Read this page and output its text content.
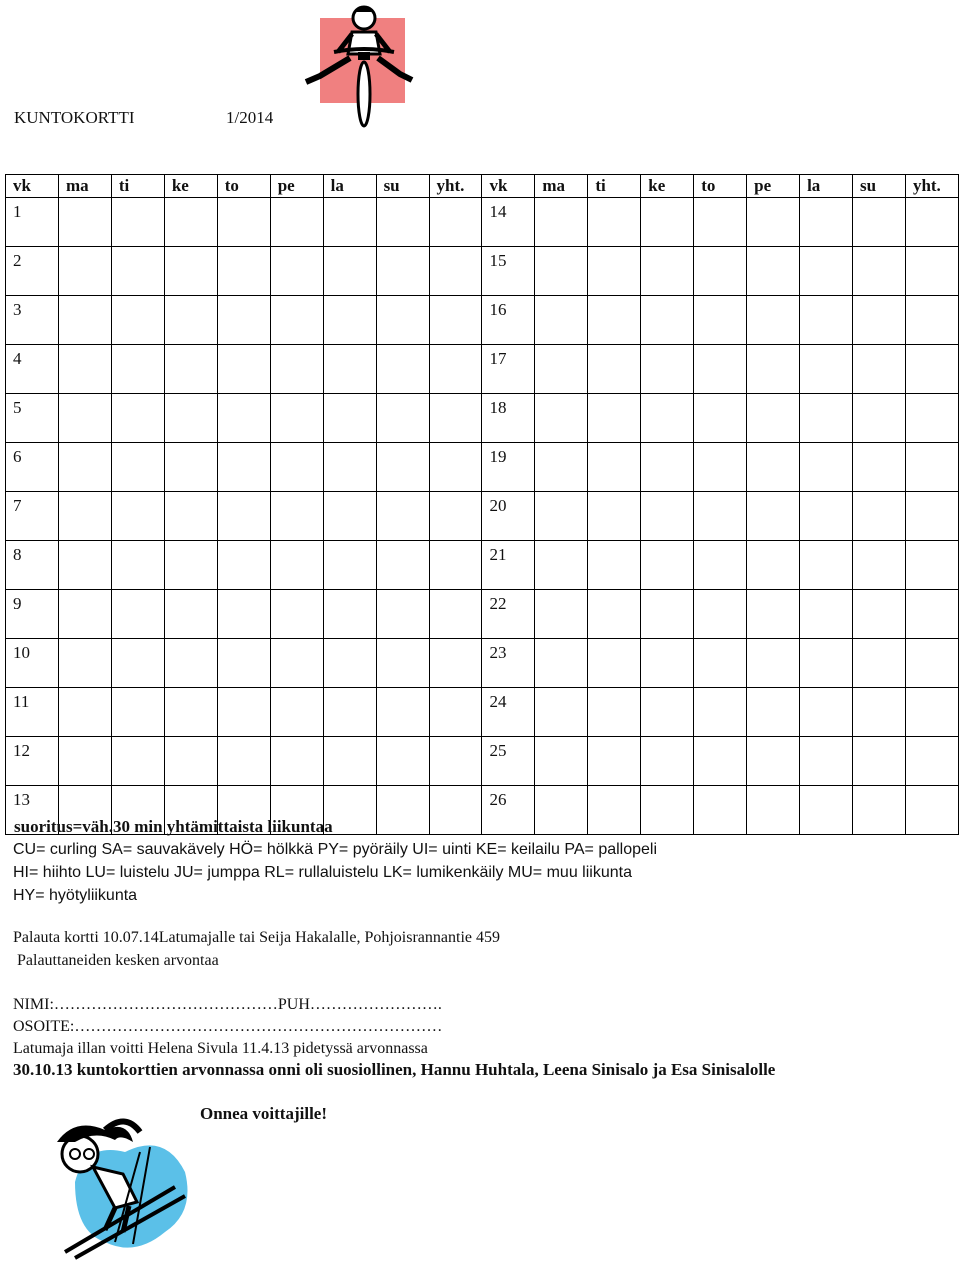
KUNTOKORTTI	1/2014
vk	ma	ti	ke	to	pe	la	su	yht.	vk	ma	ti	ke	to	pe	la	su	yht.
1									14								
2									15								
3									16								
4									17								
5									18								
6									19								
7									20								
8									21								
9									22								
10									23								
11									24								
12									25								
13									26								
suoritus=väh.30 min yhtämittaista liikuntaa
CU= curling SA= sauvakävely HÖ= hölkkä PY= pyöräily UI= uinti KE= keilailu PA= pallopeli
HI= hiihto LU= luistelu JU= jumppa RL= rullaluistelu LK= lumikenkäily MU= muu liikunta
HY= hyötyliikunta
Palauta kortti 10.07.14Latumajalle tai Seija Hakalalle, Pohjoisrannantie 459
Palauttaneiden kesken arvontaa
NIMI:……………………………………PUH…………………….
OSOITE:……………………………………………………………
Latumaja illan voitti Helena Sivula 11.4.13 pidetyssä arvonnassa
30.10.13 kuntokorttien arvonnassa onni oli suosiollinen, Hannu Huhtala, Leena Sinisalo ja Esa Sinisalolle
Onnea voittajille!
